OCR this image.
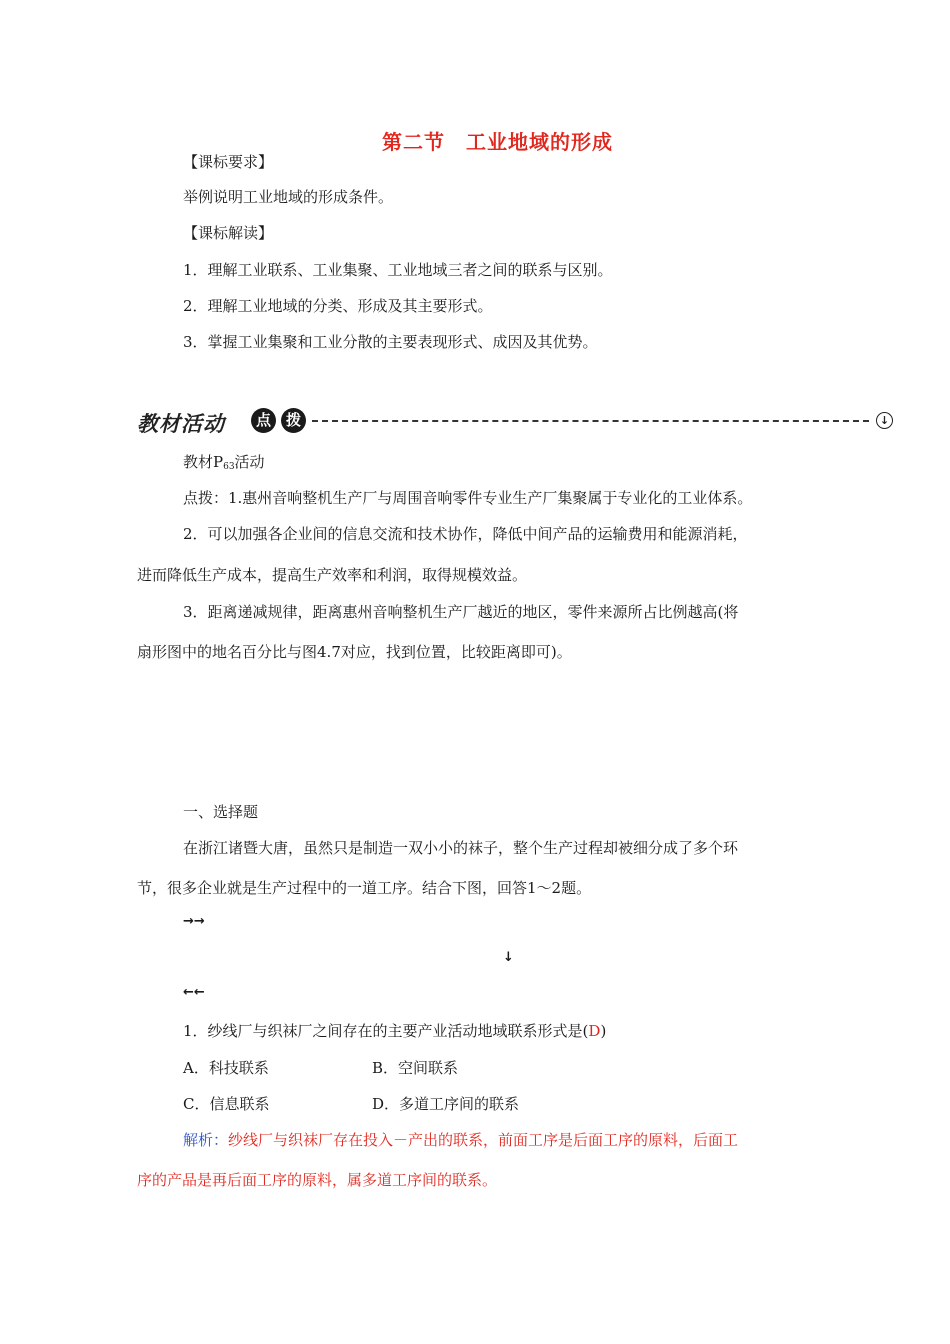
第二节　工业地域的形成
【课标要求】
举例说明工业地域的形成条件。
【课标解读】
1．理解工业联系、工业集聚、工业地域三者之间的联系与区别。
2．理解工业地域的分类、形成及其主要形式。
3．掌握工业集聚和工业分散的主要表现形式、成因及其优势。
教材活动	点 拨	↓
教材$P_{63}$活动
点拨：1.惠州音响整机生产厂与周围音响零件专业生产厂集聚属于专业化的工业体系。
2．可以加强各企业间的信息交流和技术协作，降低中间产品的运输费用和能源消耗，
进而降低生产成本，提高生产效率和利润，取得规模效益。
3．距离递减规律，距离惠州音响整机生产厂越近的地区，零件来源所占比例越高(将
扇形图中的地名百分比与图4.7对应，找到位置，比较距离即可)。
一、选择题
在浙江诸暨大唐，虽然只是制造一双小小的袜子，整个生产过程却被细分成了多个环
节，很多企业就是生产过程中的一道工序。结合下图，回答1～2题。
→→
↓
←←
1．纱线厂与织袜厂之间存在的主要产业活动地域联系形式是(D)
A．科技联系	B．空间联系
C．信息联系	D．多道工序间的联系
解析：纱线厂与织袜厂存在投入－产出的联系，前面工序是后面工序的原料，后面工
序的产品是再后面工序的原料，属多道工序间的联系。
